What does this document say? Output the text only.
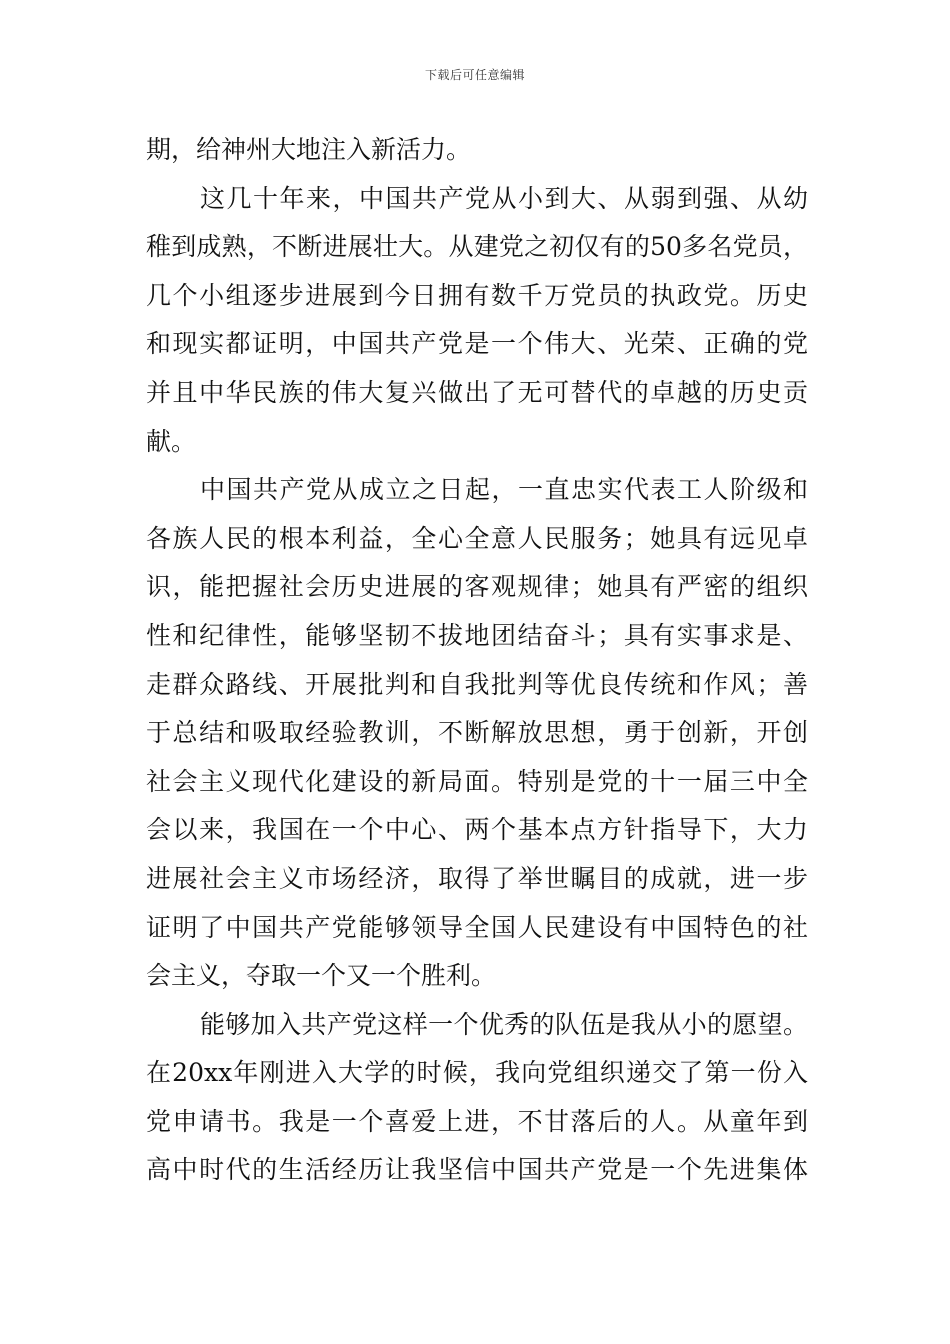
下载后可任意编辑
期，给神州大地注入新活力。
这几十年来，中国共产党从小到大、从弱到强、从幼
稚到成熟，不断进展壮大。从建党之初仅有的50多名党员，
几个小组逐步进展到今日拥有数千万党员的执政党。历史
和现实都证明，中国共产党是一个伟大、光荣、正确的党
并且中华民族的伟大复兴做出了无可替代的卓越的历史贡
献。
中国共产党从成立之日起，一直忠实代表工人阶级和
各族人民的根本利益，全心全意人民服务；她具有远见卓
识，能把握社会历史进展的客观规律；她具有严密的组织
性和纪律性，能够坚韧不拔地团结奋斗；具有实事求是、
走群众路线、开展批判和自我批判等优良传统和作风；善
于总结和吸取经验教训，不断解放思想，勇于创新，开创
社会主义现代化建设的新局面。特别是党的十一届三中全
会以来，我国在一个中心、两个基本点方针指导下，大力
进展社会主义市场经济，取得了举世瞩目的成就，进一步
证明了中国共产党能够领导全国人民建设有中国特色的社
会主义，夺取一个又一个胜利。
能够加入共产党这样一个优秀的队伍是我从小的愿望。
在20xx年刚进入大学的时候，我向党组织递交了第一份入
党申请书。我是一个喜爱上进，不甘落后的人。从童年到
高中时代的生活经历让我坚信中国共产党是一个先进集体
